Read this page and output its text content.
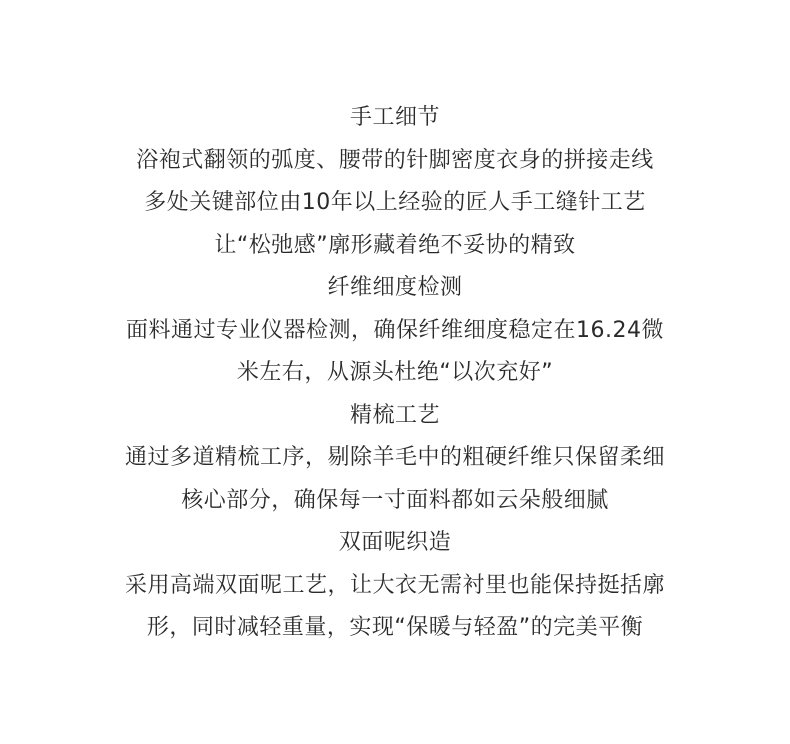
手工细节
浴袍式翻领的弧度、腰带的针脚密度衣身的拼接走线
多处关键部位由10年以上经验的匠人手工缝针工艺
让“松弛感”廓形藏着绝不妥协的精致
纤维细度检测
面料通过专业仪器检测，确保纤维细度稳定在16.24微
米左右，从源头杜绝“以次充好”
精梳工艺
通过多道精梳工序，剔除羊毛中的粗硬纤维只保留柔细
核心部分，确保每一寸面料都如云朵般细腻
双面呢织造
采用高端双面呢工艺，让大衣无需衬里也能保持挺括廓
形，同时减轻重量，实现“保暖与轻盈”的完美平衡
